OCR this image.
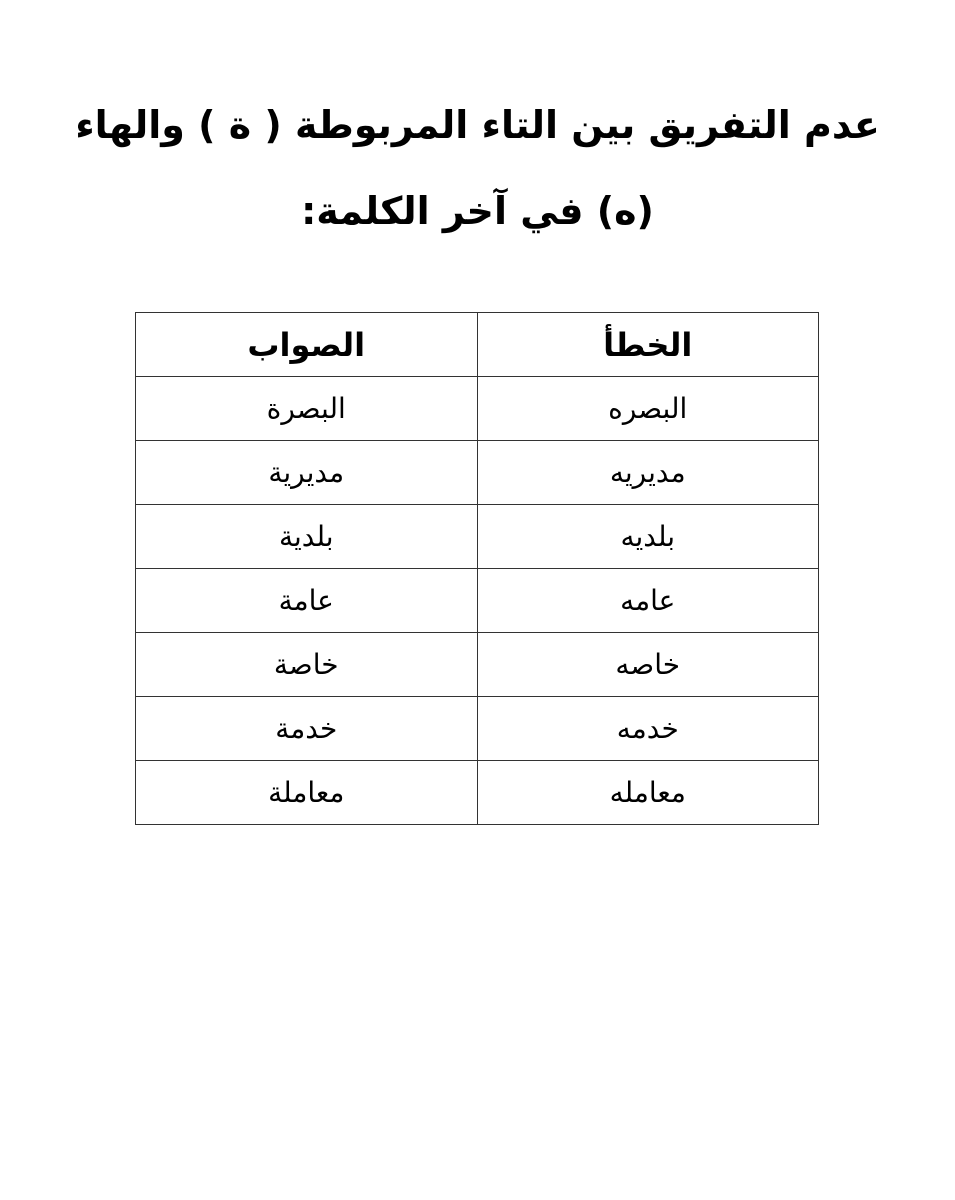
عدم التفريق بين التاء المربوطة ( ة ) والهاء
(ه) في آخر الكلمة:
الخطأ	الصواب
البصره	البصرة
مديريه	مديرية
بلديه	بلدية
عامه	عامة
خاصه	خاصة
خدمه	خدمة
معامله	معاملة
